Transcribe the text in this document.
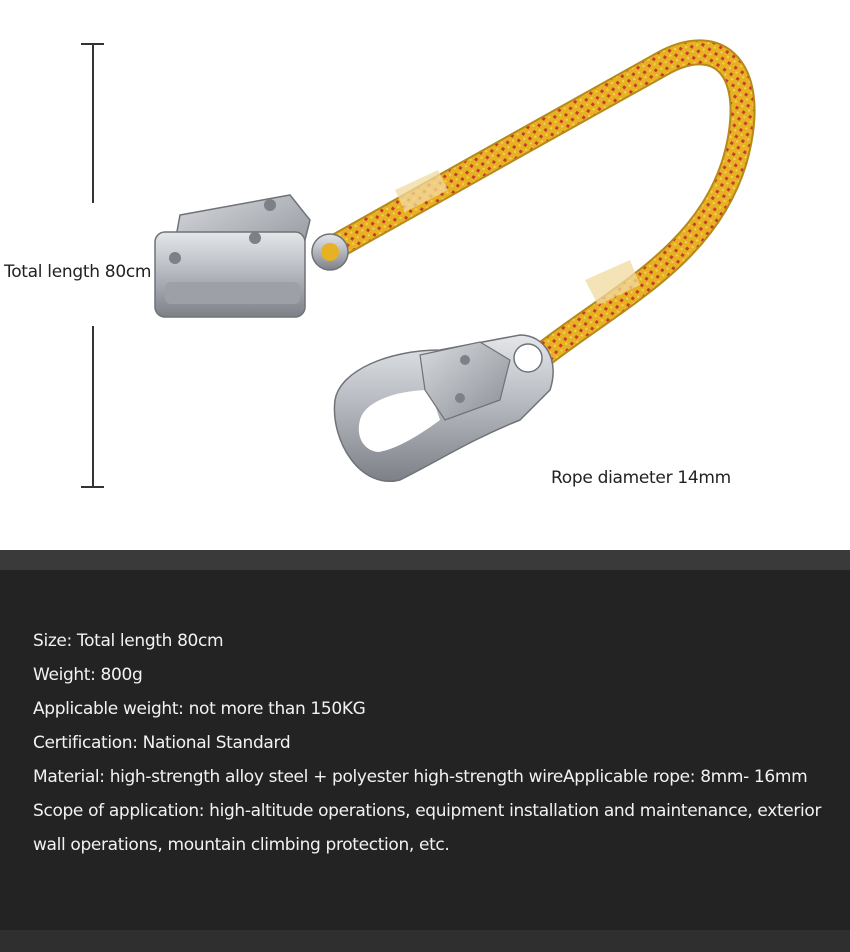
Total length 80cm
Rope diameter 14mm
Size: Total length 80cm
Weight: 800g
Applicable weight: not more than 150KG
Certification: National Standard
Material: high-strength alloy steel + polyester high-strength wireApplicable rope: 8mm- 16mm
Scope of application: high-altitude operations, equipment installation and maintenance, exterior wall operations, mountain climbing protection, etc.
